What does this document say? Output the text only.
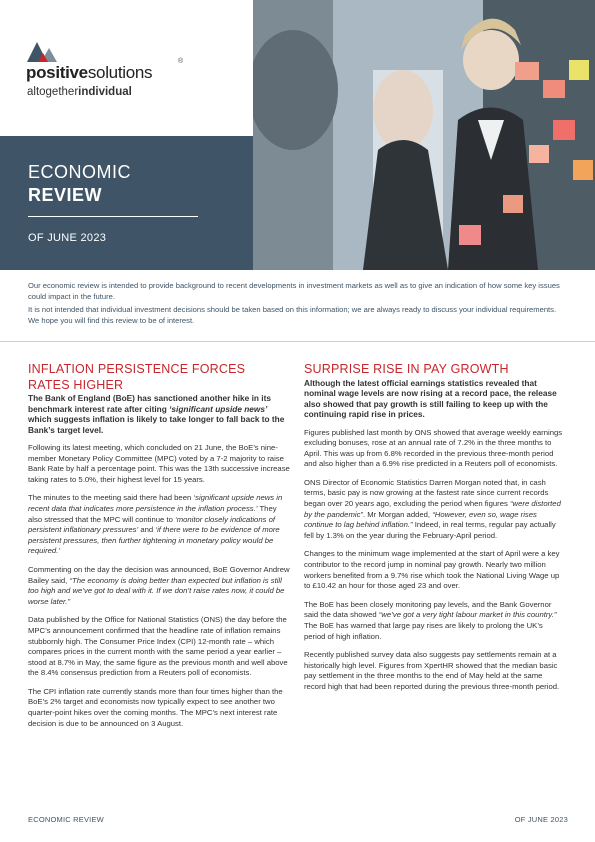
positivesolutions
®
altogetherindividual
ECONOMIC
REVIEW
OF JUNE 2023

Our economic review is intended to provide background to recent developments in investment markets as well as to give an indication of how some key issues could impact in the future.

It is not intended that individual investment decisions should be taken based on this information; we are always ready to discuss your individual requirements. We hope you will find this review to be of interest.

INFLATION PERSISTENCE FORCES RATES HIGHER

The Bank of England (BoE) has sanctioned another hike in its benchmark interest rate after citing ‘significant upside news’ which suggests inflation is likely to take longer to fall back to the Bank’s target level.

Following its latest meeting, which concluded on 21 June, the BoE’s nine-member Monetary Policy Committee (MPC) voted by a 7-2 majority to raise Bank Rate by half a percentage point. This was the 13th successive increase taking rates to 5.0%, their highest level for 15 years.

The minutes to the meeting said there had been ‘significant upside news in recent data that indicates more persistence in the inflation process.’ They also stressed that the MPC will continue to ‘monitor closely indications of persistent inflationary pressures’ and ‘if there were to be evidence of more persistent pressures, then further tightening in monetary policy would be required.’

Commenting on the day the decision was announced, BoE Governor Andrew Bailey said, “The economy is doing better than expected but inflation is still too high and we’ve got to deal with it. If we don’t raise rates now, it could be worse later.”

Data published by the Office for National Statistics (ONS) the day before the MPC’s announcement confirmed that the headline rate of inflation remains stubbornly high. The Consumer Price Index (CPI) 12-month rate – which compares prices in the current month with the same period a year earlier – stood at 8.7% in May, the same figure as the previous month and well above the 8.4% consensus prediction from a Reuters poll of economists.

The CPI inflation rate currently stands more than four times higher than the BoE’s 2% target and economists now typically expect to see another two quarter-point hikes over the coming months. The MPC’s next interest rate decision is due to be announced on 3 August.

SURPRISE RISE IN PAY GROWTH

Although the latest official earnings statistics revealed that nominal wage levels are now rising at a record pace, the release also showed that pay growth is still failing to keep up with the continuing rapid rise in prices.

Figures published last month by ONS showed that average weekly earnings excluding bonuses, rose at an annual rate of 7.2% in the three months to April. This was up from 6.8% recorded in the previous three-month period and also higher than a 6.9% rise predicted in a Reuters poll of economists.

ONS Director of Economic Statistics Darren Morgan noted that, in cash terms, basic pay is now growing at the fastest rate since current records began over 20 years ago, excluding the period when figures “were distorted by the pandemic”. Mr Morgan added, “However, even so, wage rises continue to lag behind inflation.” Indeed, in real terms, regular pay actually fell by 1.3% on the year during the February-April period.

Changes to the minimum wage implemented at the start of April were a key contributor to the record jump in nominal pay growth. Nearly two million workers benefited from a 9.7% rise which took the National Living Wage up to £10.42 an hour for those aged 23 and over.

The BoE has been closely monitoring pay levels, and the Bank Governor said the data showed “we’ve got a very tight labour market in this country.” The BoE has warned that large pay rises are likely to prolong the UK’s period of high inflation.

Recently published survey data also suggests pay settlements remain at a historically high level. Figures from XpertHR showed that the median basic pay settlement in the three months to the end of May held at the same record high that had been reported during the previous three-month period.

ECONOMIC REVIEW	OF JUNE 2023
